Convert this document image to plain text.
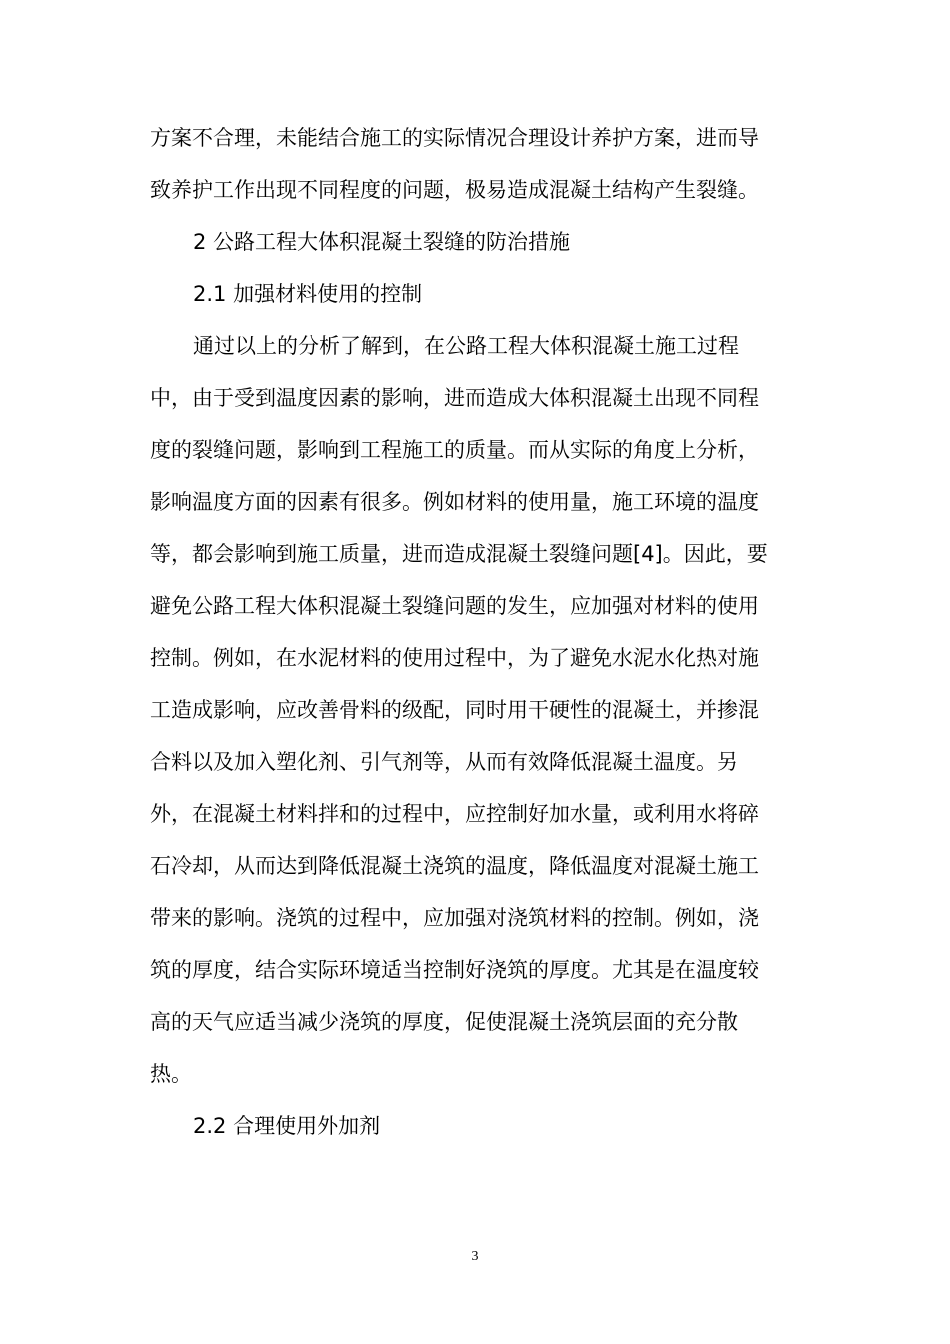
方案不合理，未能结合施工的实际情况合理设计养护方案，进而导
致养护工作出现不同程度的问题，极易造成混凝土结构产生裂缝。
2 公路工程大体积混凝土裂缝的防治措施
2.1 加强材料使用的控制
通过以上的分析了解到，在公路工程大体积混凝土施工过程
中，由于受到温度因素的影响，进而造成大体积混凝土出现不同程
度的裂缝问题，影响到工程施工的质量。而从实际的角度上分析，
影响温度方面的因素有很多。例如材料的使用量，施工环境的温度
等，都会影响到施工质量，进而造成混凝土裂缝问题[4]。因此，要
避免公路工程大体积混凝土裂缝问题的发生，应加强对材料的使用
控制。例如，在水泥材料的使用过程中，为了避免水泥水化热对施
工造成影响，应改善骨料的级配，同时用干硬性的混凝土，并掺混
合料以及加入塑化剂、引气剂等，从而有效降低混凝土温度。另
外，在混凝土材料拌和的过程中，应控制好加水量，或利用水将碎
石冷却，从而达到降低混凝土浇筑的温度，降低温度对混凝土施工
带来的影响。浇筑的过程中，应加强对浇筑材料的控制。例如，浇
筑的厚度，结合实际环境适当控制好浇筑的厚度。尤其是在温度较
高的天气应适当减少浇筑的厚度，促使混凝土浇筑层面的充分散
热。
2.2 合理使用外加剂
3
